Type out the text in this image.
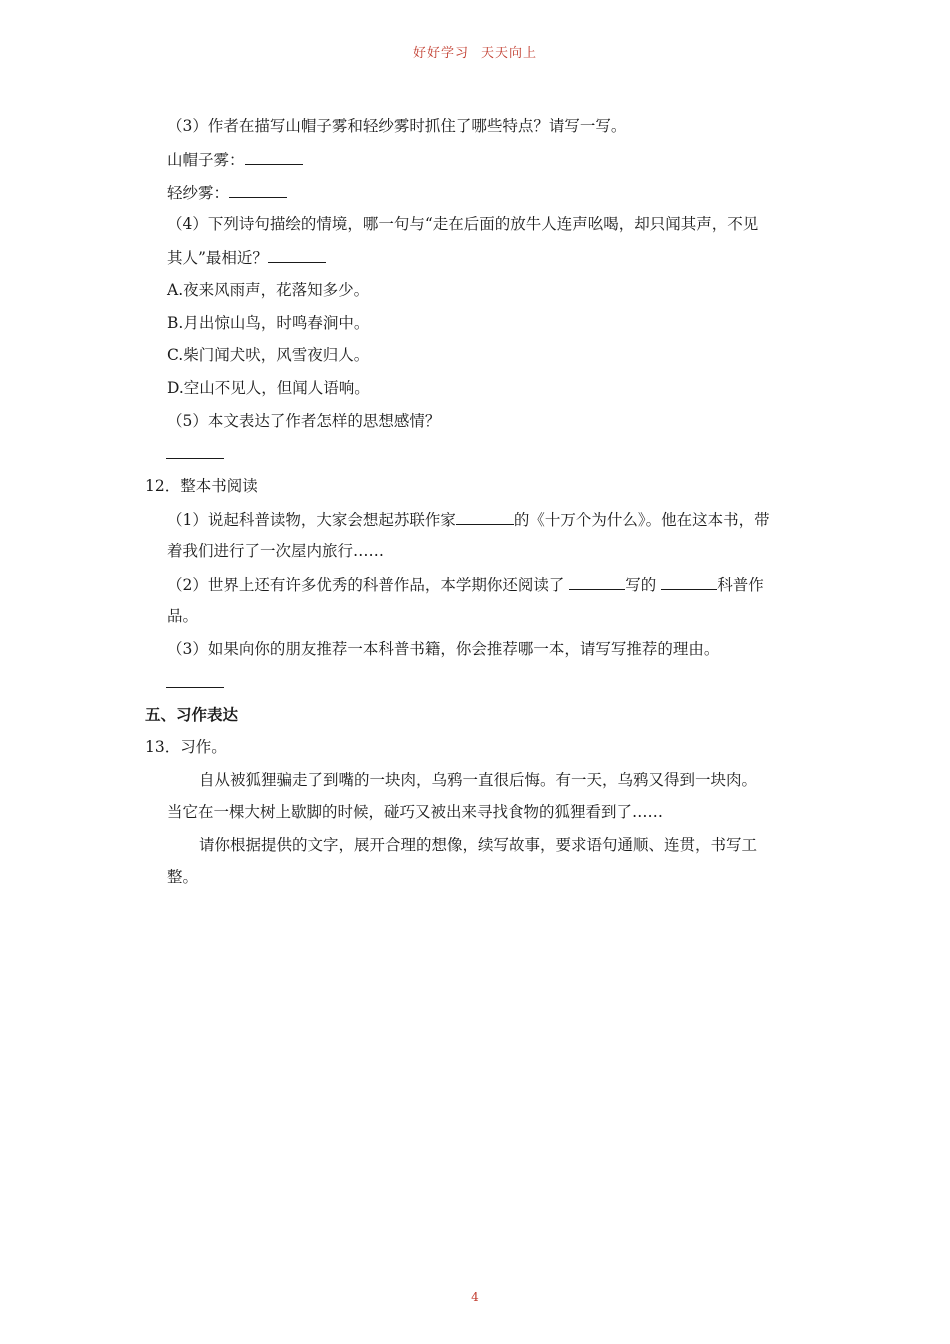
好好学习 天天向上
（3）作者在描写山帽子雾和轻纱雾时抓住了哪些特点？请写一写。
山帽子雾：
轻纱雾：
（4）下列诗句描绘的情境，哪一句与“走在后面的放牛人连声吆喝，却只闻其声，不见
其人”最相近？
A.夜来风雨声，花落知多少。
B.月出惊山鸟，时鸣春涧中。
C.柴门闻犬吠，风雪夜归人。
D.空山不见人，但闻人语响。
（5）本文表达了作者怎样的思想感情？
12．整本书阅读
（1）说起科普读物，大家会想起苏联作家	的《十万个为什么》。他在这本书，带
着我们进行了一次屋内旅行……
（2）世界上还有许多优秀的科普作品，本学期你还阅读了	写的	科普作
品。
（3）如果向你的朋友推荐一本科普书籍，你会推荐哪一本，请写写推荐的理由。
五、习作表达
13．习作。
自从被狐狸骗走了到嘴的一块肉，乌鸦一直很后悔。有一天，乌鸦又得到一块肉。
当它在一棵大树上歇脚的时候，碰巧又被出来寻找食物的狐狸看到了……
请你根据提供的文字，展开合理的想像，续写故事，要求语句通顺、连贯，书写工
整。
4
